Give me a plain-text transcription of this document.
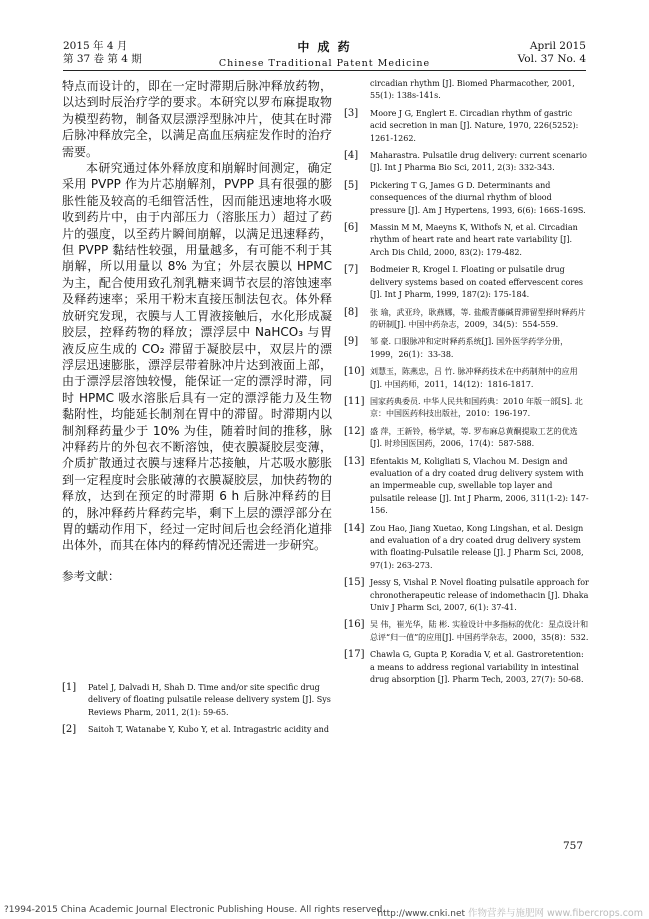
2015 年 4 月
第 37 卷 第 4 期
中 成 药
Chinese Traditional Patent Medicine
April 2015
Vol. 37 No. 4

特点而设计的，即在一定时滞期后脉冲释放药物，以达到时辰治疗学的要求。本研究以罗布麻提取物为模型药物，制备双层漂浮型脉冲片，使其在时滞后脉冲释放完全，以满足高血压病症发作时的治疗需要。

本研究通过体外释放度和崩解时间测定，确定采用 PVPP 作为片芯崩解剂，PVPP 具有很强的膨胀性能及较高的毛细管活性，因而能迅速地将水吸收到药片中，由于内部压力（溶胀压力）超过了药片的强度，以至药片瞬间崩解，以满足迅速释药，但 PVPP 黏结性较强，用量越多，有可能不利于其崩解，所以用量以 8% 为宜；外层衣膜以 HPMC 为主，配合使用致孔剂乳糖来调节衣层的溶蚀速率及释药速率；采用干粉末直接压制法包衣。体外释放研究发现，衣膜与人工胃液接触后，水化形成凝胶层，控释药物的释放；漂浮层中 NaHCO₃ 与胃液反应生成的 CO₂ 滞留于凝胶层中，双层片的漂浮层迅速膨胀，漂浮层带着脉冲片达到液面上部，由于漂浮层溶蚀较慢，能保证一定的漂浮时滞，同时 HPMC 吸水溶胀后具有一定的漂浮能力及生物黏附性，均能延长制剂在胃中的滞留。时滞期内以制剂释药量少于 10% 为佳，随着时间的推移，脉冲释药片的外包衣不断溶蚀，使衣膜凝胶层变薄，介质扩散通过衣膜与速释片芯接触，片芯吸水膨胀到一定程度时会胀破薄的衣膜凝胶层，加快药物的释放，达到在预定的时滞期 6 h 后脉冲释药的目的，脉冲释药片释药完毕，剩下上层的漂浮部分在胃的蠕动作用下，经过一定时间后也会经消化道排出体外，而其在体内的释药情况还需进一步研究。

参考文献：

[1] Patel J, Dalvadi H, Shah D. Time and/or site specific drug delivery of floating pulsatile release delivery system [J]. Sys Reviews Pharm, 2011, 2(1): 59-65.
[2] Saitoh T, Watanabe Y, Kubo Y, et al. Intragastric acidity and
circadian rhythm [J]. Biomed Pharmacother, 2001, 55(1): 138s-141s.
[3] Moore J G, Englert E. Circadian rhythm of gastric acid secretion in man [J]. Nature, 1970, 226(5252): 1261-1262.
[4] Maharastra. Pulsatile drug delivery: current scenario [J]. Int J Pharma Bio Sci, 2011, 2(3): 332-343.
[5] Pickering T G, James G D. Determinants and consequences of the diurnal rhythm of blood pressure [J]. Am J Hypertens, 1993, 6(6): 166S-169S.
[6] Massin M M, Maeyns K, Withofs N, et al. Circadian rhythm of heart rate and heart rate variability [J]. Arch Dis Child, 2000, 83(2): 179-482.
[7] Bodmeier R, Krogel I. Floating or pulsatile drug delivery systems based on coated effervescent cores [J]. Int J Pharm, 1999, 187(2): 175-184.
[8] 张 瑜，武亚玲，耿燕娜，等. 盐酸青藤碱胃滞留型择时释药片的研制[J]. 中国中药杂志，2009，34(5)：554-559.
[9] 邹 豪. 口服脉冲和定时释药系统[J]. 国外医学药学分册，1999，26(1)：33-38.
[10] 刘慧玉，陈燕忠，吕 竹. 脉冲释药技术在中药制剂中的应用[J]. 中国药师，2011，14(12)：1816-1817.
[11] 国家药典委员. 中华人民共和国药典：2010 年版一部[S]. 北京：中国医药科技出版社，2010：196-197.
[12] 盛 萍，王新铃，杨学斌，等. 罗布麻总黄酮提取工艺的优选[J]. 时珍国医国药，2006，17(4)：587-588.
[13] Efentakis M, Koligliati S, Vlachou M. Design and evaluation of a dry coated drug delivery system with an impermeable cup, swellable top layer and pulsatile release [J]. Int J Pharm, 2006, 311(1-2): 147-156.
[14] Zou Hao, Jiang Xuetao, Kong Lingshan, et al. Design and evaluation of a dry coated drug delivery system with floating-Pulsatile release [J]. J Pharm Sci, 2008, 97(1): 263-273.
[15] Jessy S, Vishal P. Novel floating pulsatile approach for chronotherapeutic release of indomethacin [J]. Dhaka Univ J Pharm Sci, 2007, 6(1): 37-41.
[16] 吴 伟，崔光华，陆 彬. 实验设计中多指标的优化：星点设计和总评“归一值”的应用[J]. 中国药学杂志，2000，35(8)：532.
[17] Chawla G, Gupta P, Koradia V, et al. Gastroretention: a means to address regional variability in intestinal drug absorption [J]. Pharm Tech, 2003, 27(7): 50-68.
757
?1994-2015 China Academic Journal Electronic Publishing House. All rights reserved.
http://www.cnki.net 作物营养与施肥网 www.fibercrops.com
